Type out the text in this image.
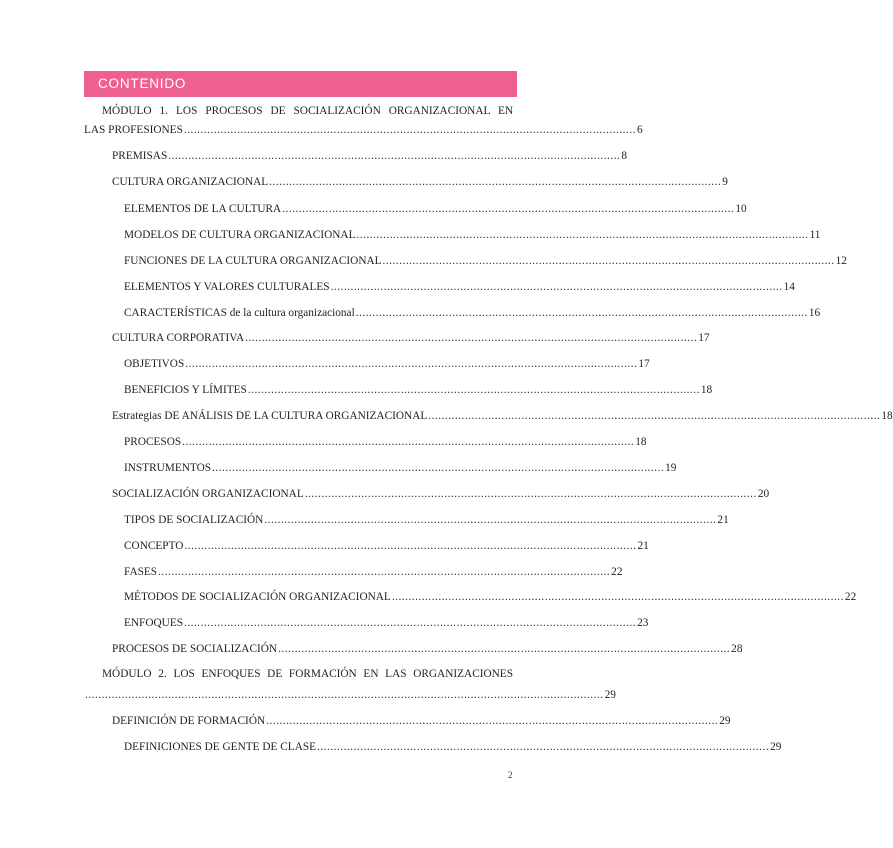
CONTENIDO
MÓDULO 1. LOS PROCESOS DE SOCIALIZACIÓN ORGANIZACIONAL EN
LAS PROFESIONES ........................................................................................................................................ 6
PREMISAS ........................................................................................................................................ 8
CULTURA ORGANIZACIONAL ........................................................................................................................................ 9
ELEMENTOS DE LA CULTURA ........................................................................................................................................ 10
MODELOS DE CULTURA ORGANIZACIONAL ........................................................................................................................................ 11
FUNCIONES DE LA CULTURA ORGANIZACIONAL ........................................................................................................................................ 12
ELEMENTOS Y VALORES CULTURALES ........................................................................................................................................ 14
CARACTERÍSTICAS de la cultura organizacional ........................................................................................................................................ 16
CULTURA CORPORATIVA ........................................................................................................................................ 17
OBJETIVOS ........................................................................................................................................ 17
BENEFICIOS Y LÍMITES ........................................................................................................................................ 18
Estrategias DE ANÁLISIS DE LA CULTURA ORGANIZACIONAL ........................................................................................................................................ 18
PROCESOS ........................................................................................................................................ 18
INSTRUMENTOS ........................................................................................................................................ 19
SOCIALIZACIÓN ORGANIZACIONAL ........................................................................................................................................ 20
TIPOS DE SOCIALIZACIÓN ........................................................................................................................................ 21
CONCEPTO ........................................................................................................................................ 21
FASES ........................................................................................................................................ 22
MÉTODOS DE SOCIALIZACIÓN ORGANIZACIONAL ........................................................................................................................................ 22
ENFOQUES ........................................................................................................................................ 23
PROCESOS DE SOCIALIZACIÓN ........................................................................................................................................ 28
MÓDULO 2. LOS ENFOQUES DE FORMACIÓN EN LAS ORGANIZACIONES
............................................................................................................................................................ 29
DEFINICIÓN DE FORMACIÓN ........................................................................................................................................ 29
DEFINICIONES DE GENTE DE CLASE ........................................................................................................................................ 29
2
